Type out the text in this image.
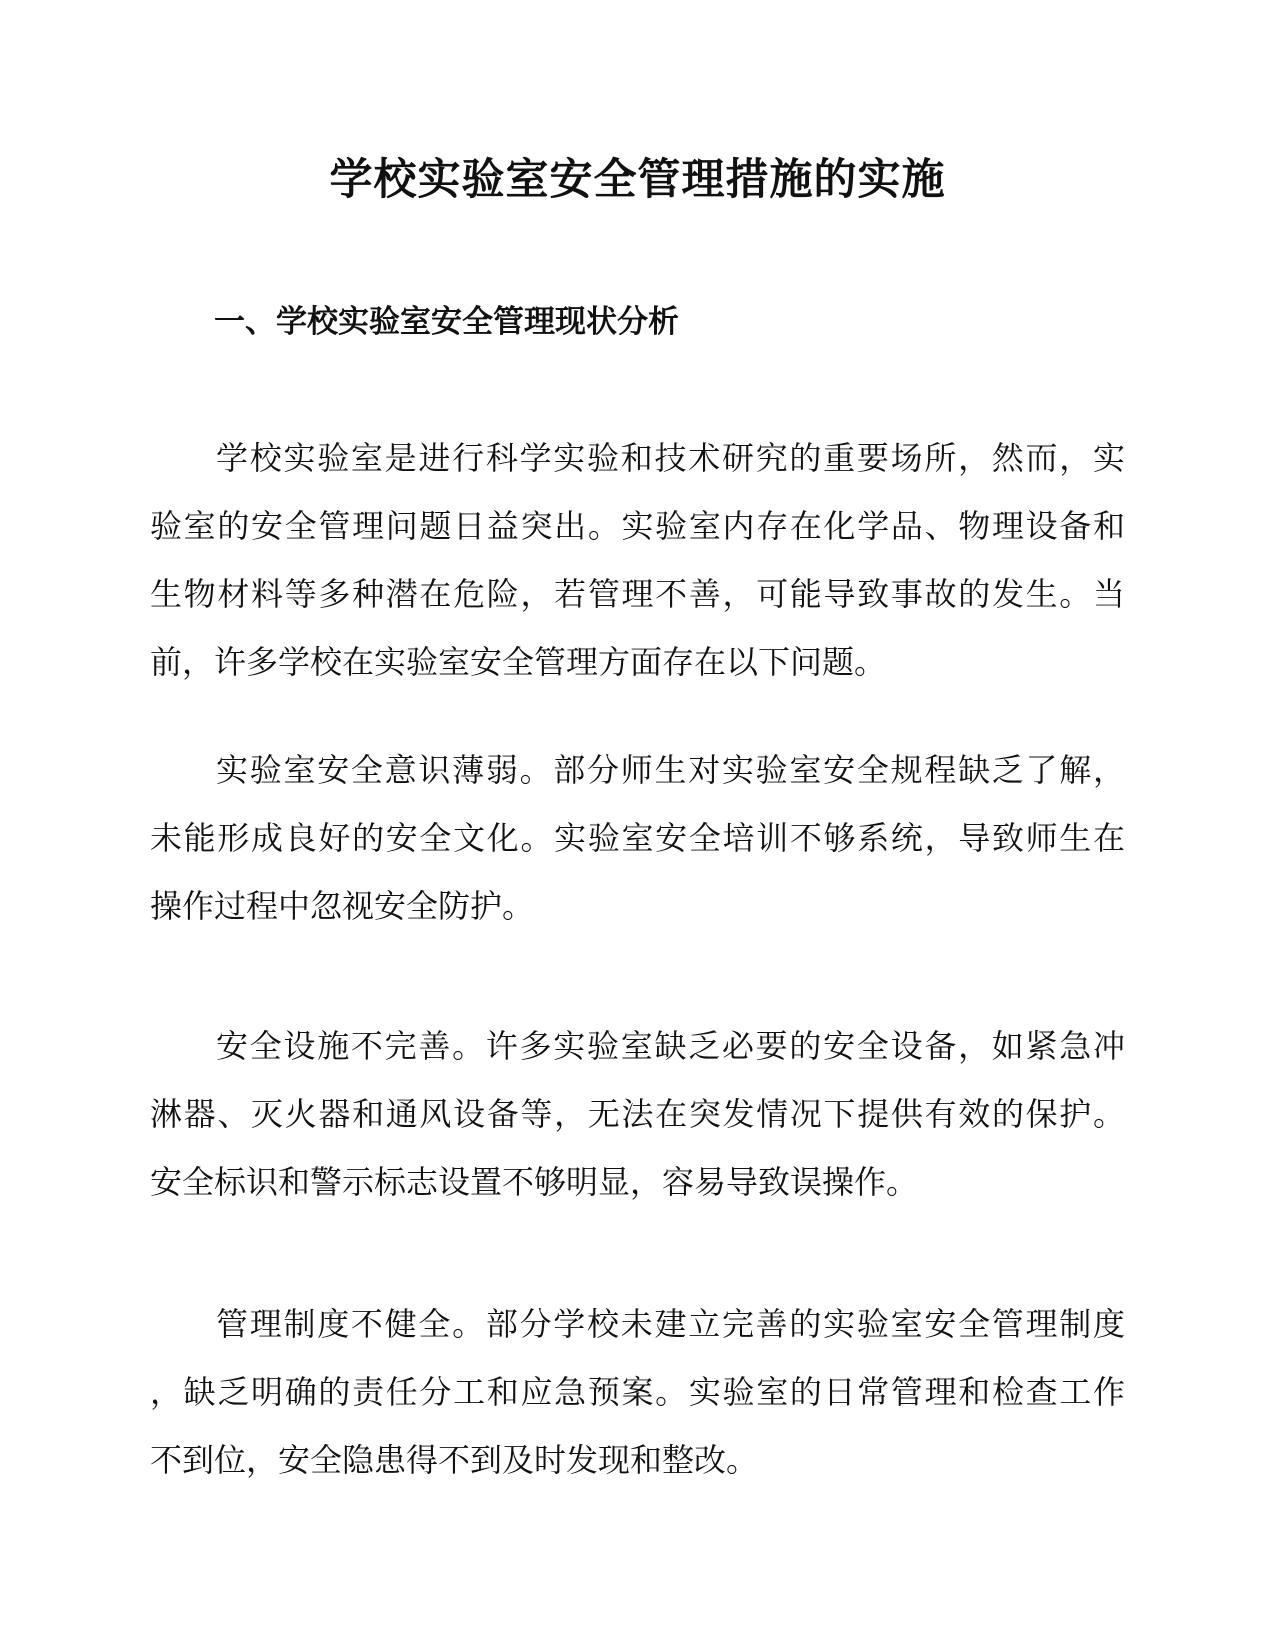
学校实验室安全管理措施的实施
一、学校实验室安全管理现状分析
学校实验室是进行科学实验和技术研究的重要场所，然而，实
验室的安全管理问题日益突出。实验室内存在化学品、物理设备和
生物材料等多种潜在危险，若管理不善，可能导致事故的发生。当
前，许多学校在实验室安全管理方面存在以下问题。
实验室安全意识薄弱。部分师生对实验室安全规程缺乏了解，
未能形成良好的安全文化。实验室安全培训不够系统，导致师生在
操作过程中忽视安全防护。
安全设施不完善。许多实验室缺乏必要的安全设备，如紧急冲
淋器、灭火器和通风设备等，无法在突发情况下提供有效的保护。
安全标识和警示标志设置不够明显，容易导致误操作。
管理制度不健全。部分学校未建立完善的实验室安全管理制度
，缺乏明确的责任分工和应急预案。实验室的日常管理和检查工作
不到位，安全隐患得不到及时发现和整改。
